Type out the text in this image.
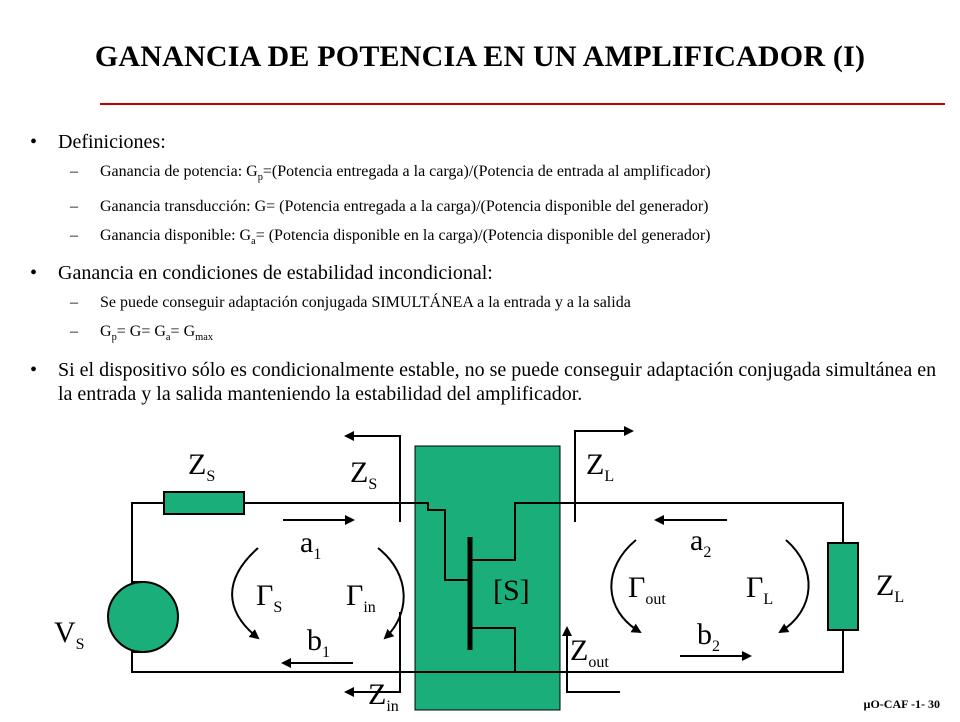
GANANCIA DE POTENCIA EN UN AMPLIFICADOR (I)
• Definiciones:
– Ganancia de potencia: $G_p=(Potencia$ entregada a la carga)/(Potencia de entrada al amplificador)
– Ganancia transducción: G= (Potencia entregada a la carga)/(Potencia disponible del generador)
– Ganancia disponible: $G_a=$ (Potencia disponible en la carga)/(Potencia disponible del generador)
• Ganancia en condiciones de estabilidad incondicional:
– Se puede conseguir adaptación conjugada SIMULTÁNEA a la entrada y a la salida
– $G_p= G= G_a= G_{max}$
• Si el dispositivo sólo es condicionalmente estable, no se puede conseguir adaptación conjugada simultánea en la entrada y la salida manteniendo la estabilidad del amplificador.
$Z_S$	$Z_S$
$Z_L$
$Z_L$
$V_S$
$a_1$
$b_1$
$a_2$
$b_2$
$\Gamma_S$ $\Gamma_{in}$
$\Gamma_{out}$	$\Gamma_L$
[S]
$Z_{in}$
$Z_{out}$
µO-CAF -1- 30
